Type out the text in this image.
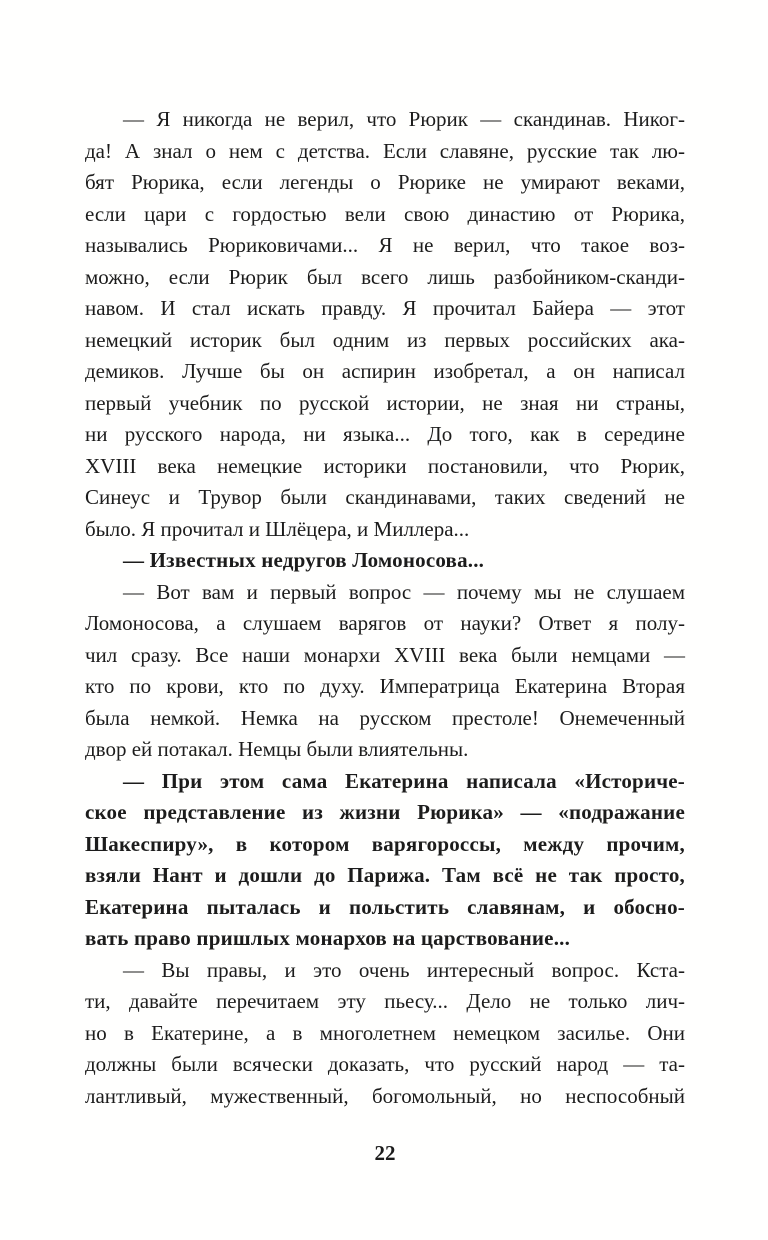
— Я никогда не верил, что Рюрик — скандинав. Никог-
да! А знал о нем с детства. Если славяне, русские так лю-
бят Рюрика, если легенды о Рюрике не умирают веками,
если цари с гордостью вели свою династию от Рюрика,
назывались Рюриковичами... Я не верил, что такое воз-
можно, если Рюрик был всего лишь разбойником-сканди-
навом. И стал искать правду. Я прочитал Байера — этот
немецкий историк был одним из первых российских ака-
демиков. Лучше бы он аспирин изобретал, а он написал
первый учебник по русской истории, не зная ни страны,
ни русского народа, ни языка... До того, как в середине
XVIII века немецкие историки постановили, что Рюрик,
Синеус и Трувор были скандинавами, таких сведений не
было. Я прочитал и Шлёцера, и Миллера...

— Известных недругов Ломоносова...

— Вот вам и первый вопрос — почему мы не слушаем
Ломоносова, а слушаем варягов от науки? Ответ я полу-
чил сразу. Все наши монархи XVIII века были немцами —
кто по крови, кто по духу. Императрица Екатерина Вторая
была немкой. Немка на русском престоле! Онемеченный
двор ей потакал. Немцы были влиятельны.

— При этом сама Екатерина написала «Историче-
ское представление из жизни Рюрика» — «подражание
Шакеспиру», в котором варягороссы, между прочим,
взяли Нант и дошли до Парижа. Там всё не так просто,
Екатерина пыталась и польстить славянам, и обосно-
вать право пришлых монархов на царствование...

— Вы правы, и это очень интересный вопрос. Кста-
ти, давайте перечитаем эту пьесу... Дело не только лич-
но в Екатерине, а в многолетнем немецком засилье. Они
должны были всячески доказать, что русский народ — та-
лантливый, мужественный, богомольный, но неспособный

22
